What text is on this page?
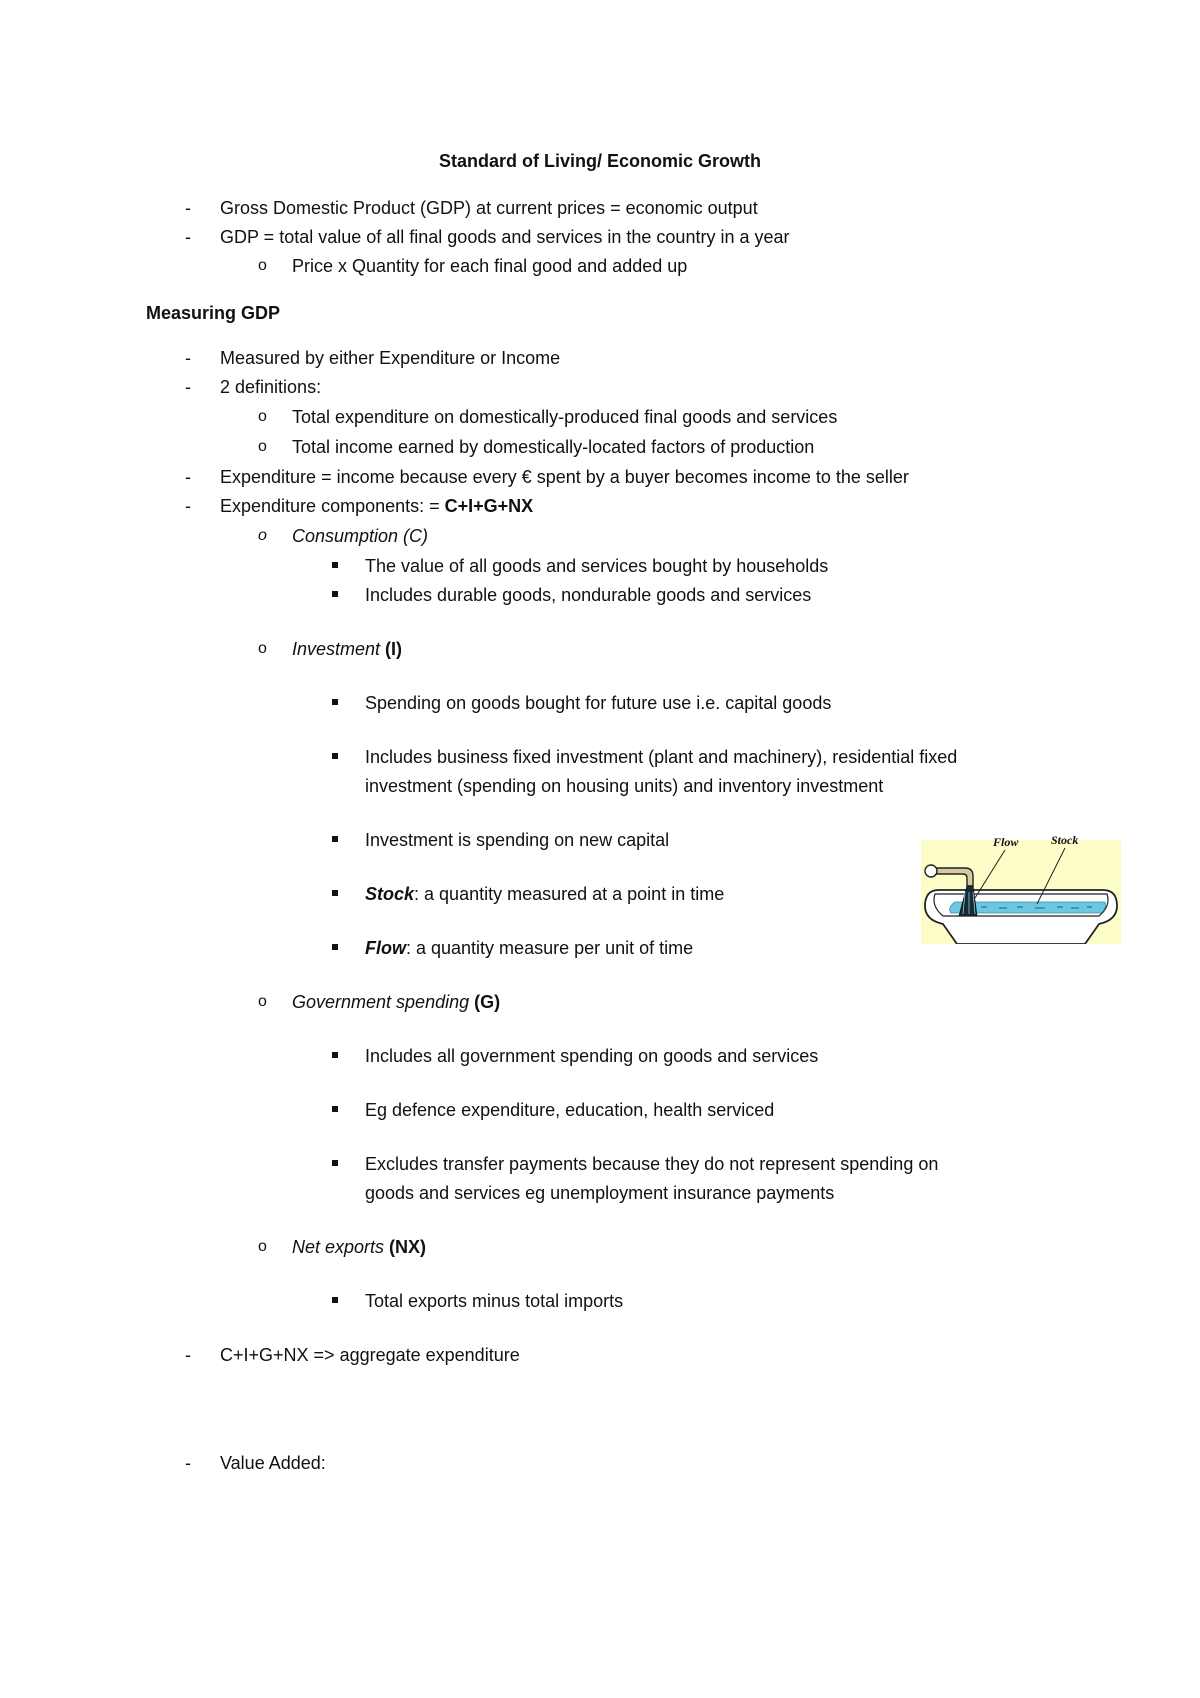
Standard of Living/ Economic Growth
- Gross Domestic Product (GDP) at current prices = economic output
- GDP = total value of all final goods and services in the country in a year
o Price x Quantity for each final good and added up
Measuring GDP
- Measured by either Expenditure or Income
- 2 definitions:
o Total expenditure on domestically-produced final goods and services
o Total income earned by domestically-located factors of production
- Expenditure = income because every € spent by a buyer becomes income to the seller
- Expenditure components: = C+I+G+NX
o Consumption (C)
The value of all goods and services bought by households
Includes durable goods, nondurable goods and services
o Investment (I)
Spending on goods bought for future use i.e. capital goods
Includes business fixed investment (plant and machinery), residential fixed
investment (spending on housing units) and inventory investment
Investment is spending on new capital
Stock: a quantity measured at a point in time
Flow: a quantity measure per unit of time
Flow	Stock
o Government spending (G)
Includes all government spending on goods and services
Eg defence expenditure, education, health serviced
Excludes transfer payments because they do not represent spending on
goods and services eg unemployment insurance payments
o Net exports (NX)
Total exports minus total imports
- C+I+G+NX => aggregate expenditure
- Value Added:
